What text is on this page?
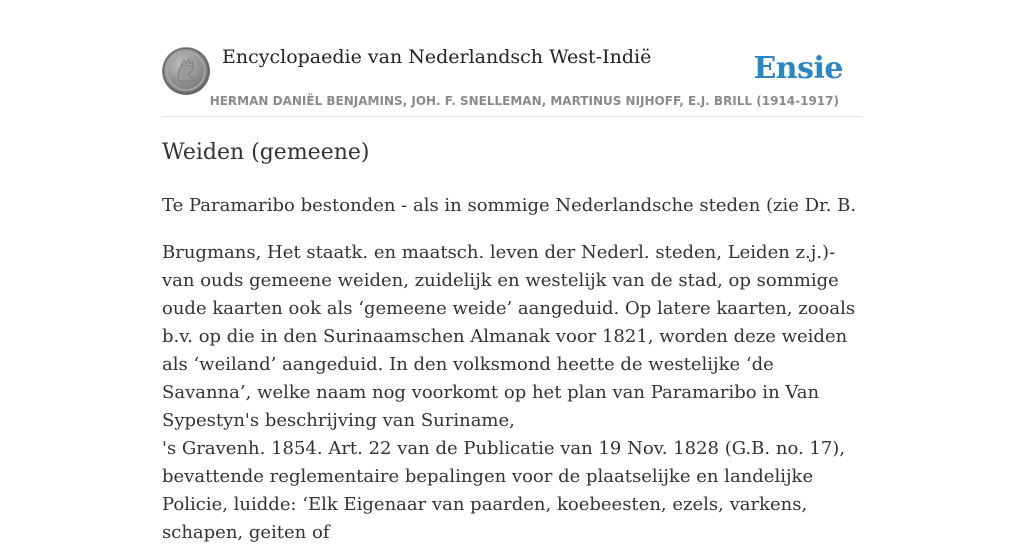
Encyclopaedie van Nederlandsch West-Indië	Ensie
HERMAN DANIËL BENJAMINS, JOH. F. SNELLEMAN, MARTINUS NIJHOFF, E.J. BRILL (1914-1917)
Weiden (gemeene)

Te Paramaribo bestonden - als in sommige Nederlandsche steden (zie Dr. B.

Brugmans, Het staatk. en maatsch. leven der Nederl. steden, Leiden z.j.)- van ouds gemeene weiden, zuidelijk en westelijk van de stad, op sommige oude kaarten ook als ‘gemeene weide’ aangeduid. Op latere kaarten, zooals b.v. op die in den Surinaamschen Almanak voor 1821, worden deze weiden als ‘weiland’ aangeduid. In den volksmond heette de westelijke ‘de Savanna’, welke naam nog voorkomt op het plan van Paramaribo in Van Sypestyn's beschrijving van Suriname,

's Gravenh. 1854. Art. 22 van de Publicatie van 19 Nov. 1828 (G.B. no. 17), bevattende reglementaire bepalingen voor de plaatselijke en landelijke Policie, luidde: ‘Elk Eigenaar van paarden, koebeesten, ezels, varkens, schapen, geiten of
